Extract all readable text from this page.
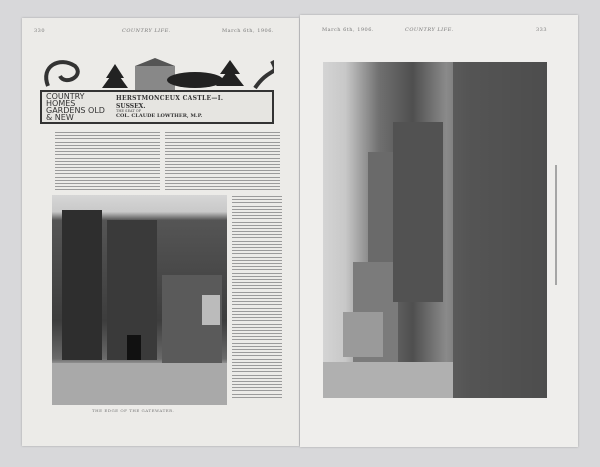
330	COUNTRY LIFE.	March 6th, 1906.
COUNTRY HOMES GARDENS OLD & NEW
HERSTMONCEUX CASTLE—I.
SUSSEX.
THE SEAT OF
COL. CLAUDE LOWTHER, M.P.
THE EDGE OF THE GATEWATER.
March 6th, 1906.	COUNTRY LIFE.	333
